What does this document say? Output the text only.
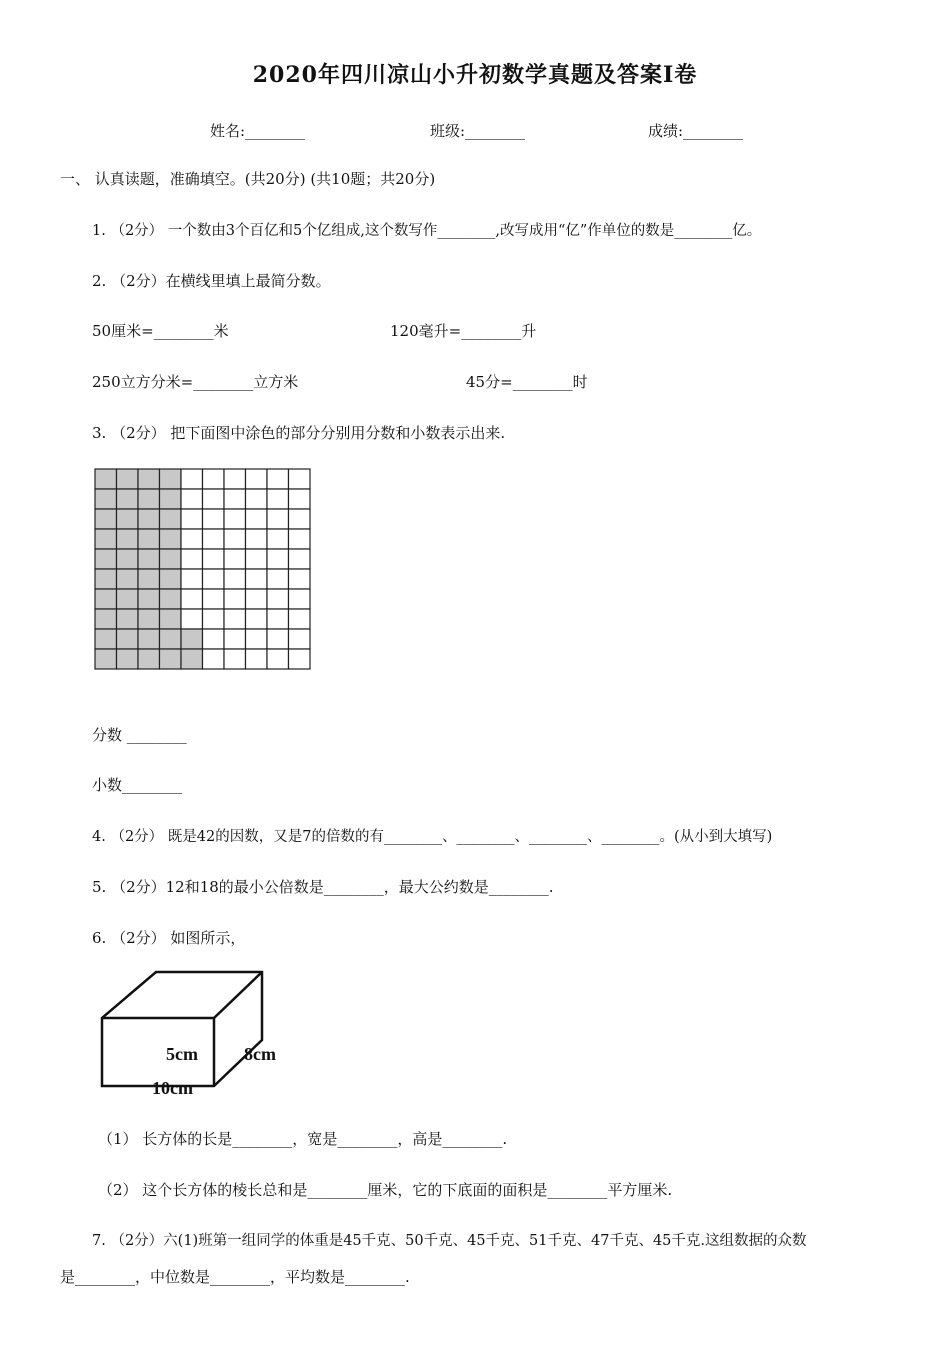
2020年四川凉山小升初数学真题及答案I卷
姓名:________	班级:________	成绩:________
一、 认真读题，准确填空。(共20分) (共10题；共20分)
1. （2分） 一个数由3个百亿和5个亿组成,这个数写作________,改写成用“亿”作单位的数是________亿。
2. （2分）在横线里填上最简分数。
50厘米=________米	120毫升=________升
250立方分米=________立方米	45分=________时
3. （2分） 把下面图中涂色的部分分别用分数和小数表示出来.
分数 ________
小数________
4. （2分） 既是42的因数，又是7的倍数的有________、________、________、________。(从小到大填写)
5. （2分）12和18的最小公倍数是________，最大公约数是________.
6. （2分） 如图所示，
5cm	8cm
10cm
（1） 长方体的长是________，宽是________，高是________.
（2） 这个长方体的棱长总和是________厘米，它的下底面的面积是________平方厘米.
7. （2分）六(1)班第一组同学的体重是45千克、50千克、45千克、51千克、47千克、45千克.这组数据的众数
是________，中位数是________，平均数是________.
